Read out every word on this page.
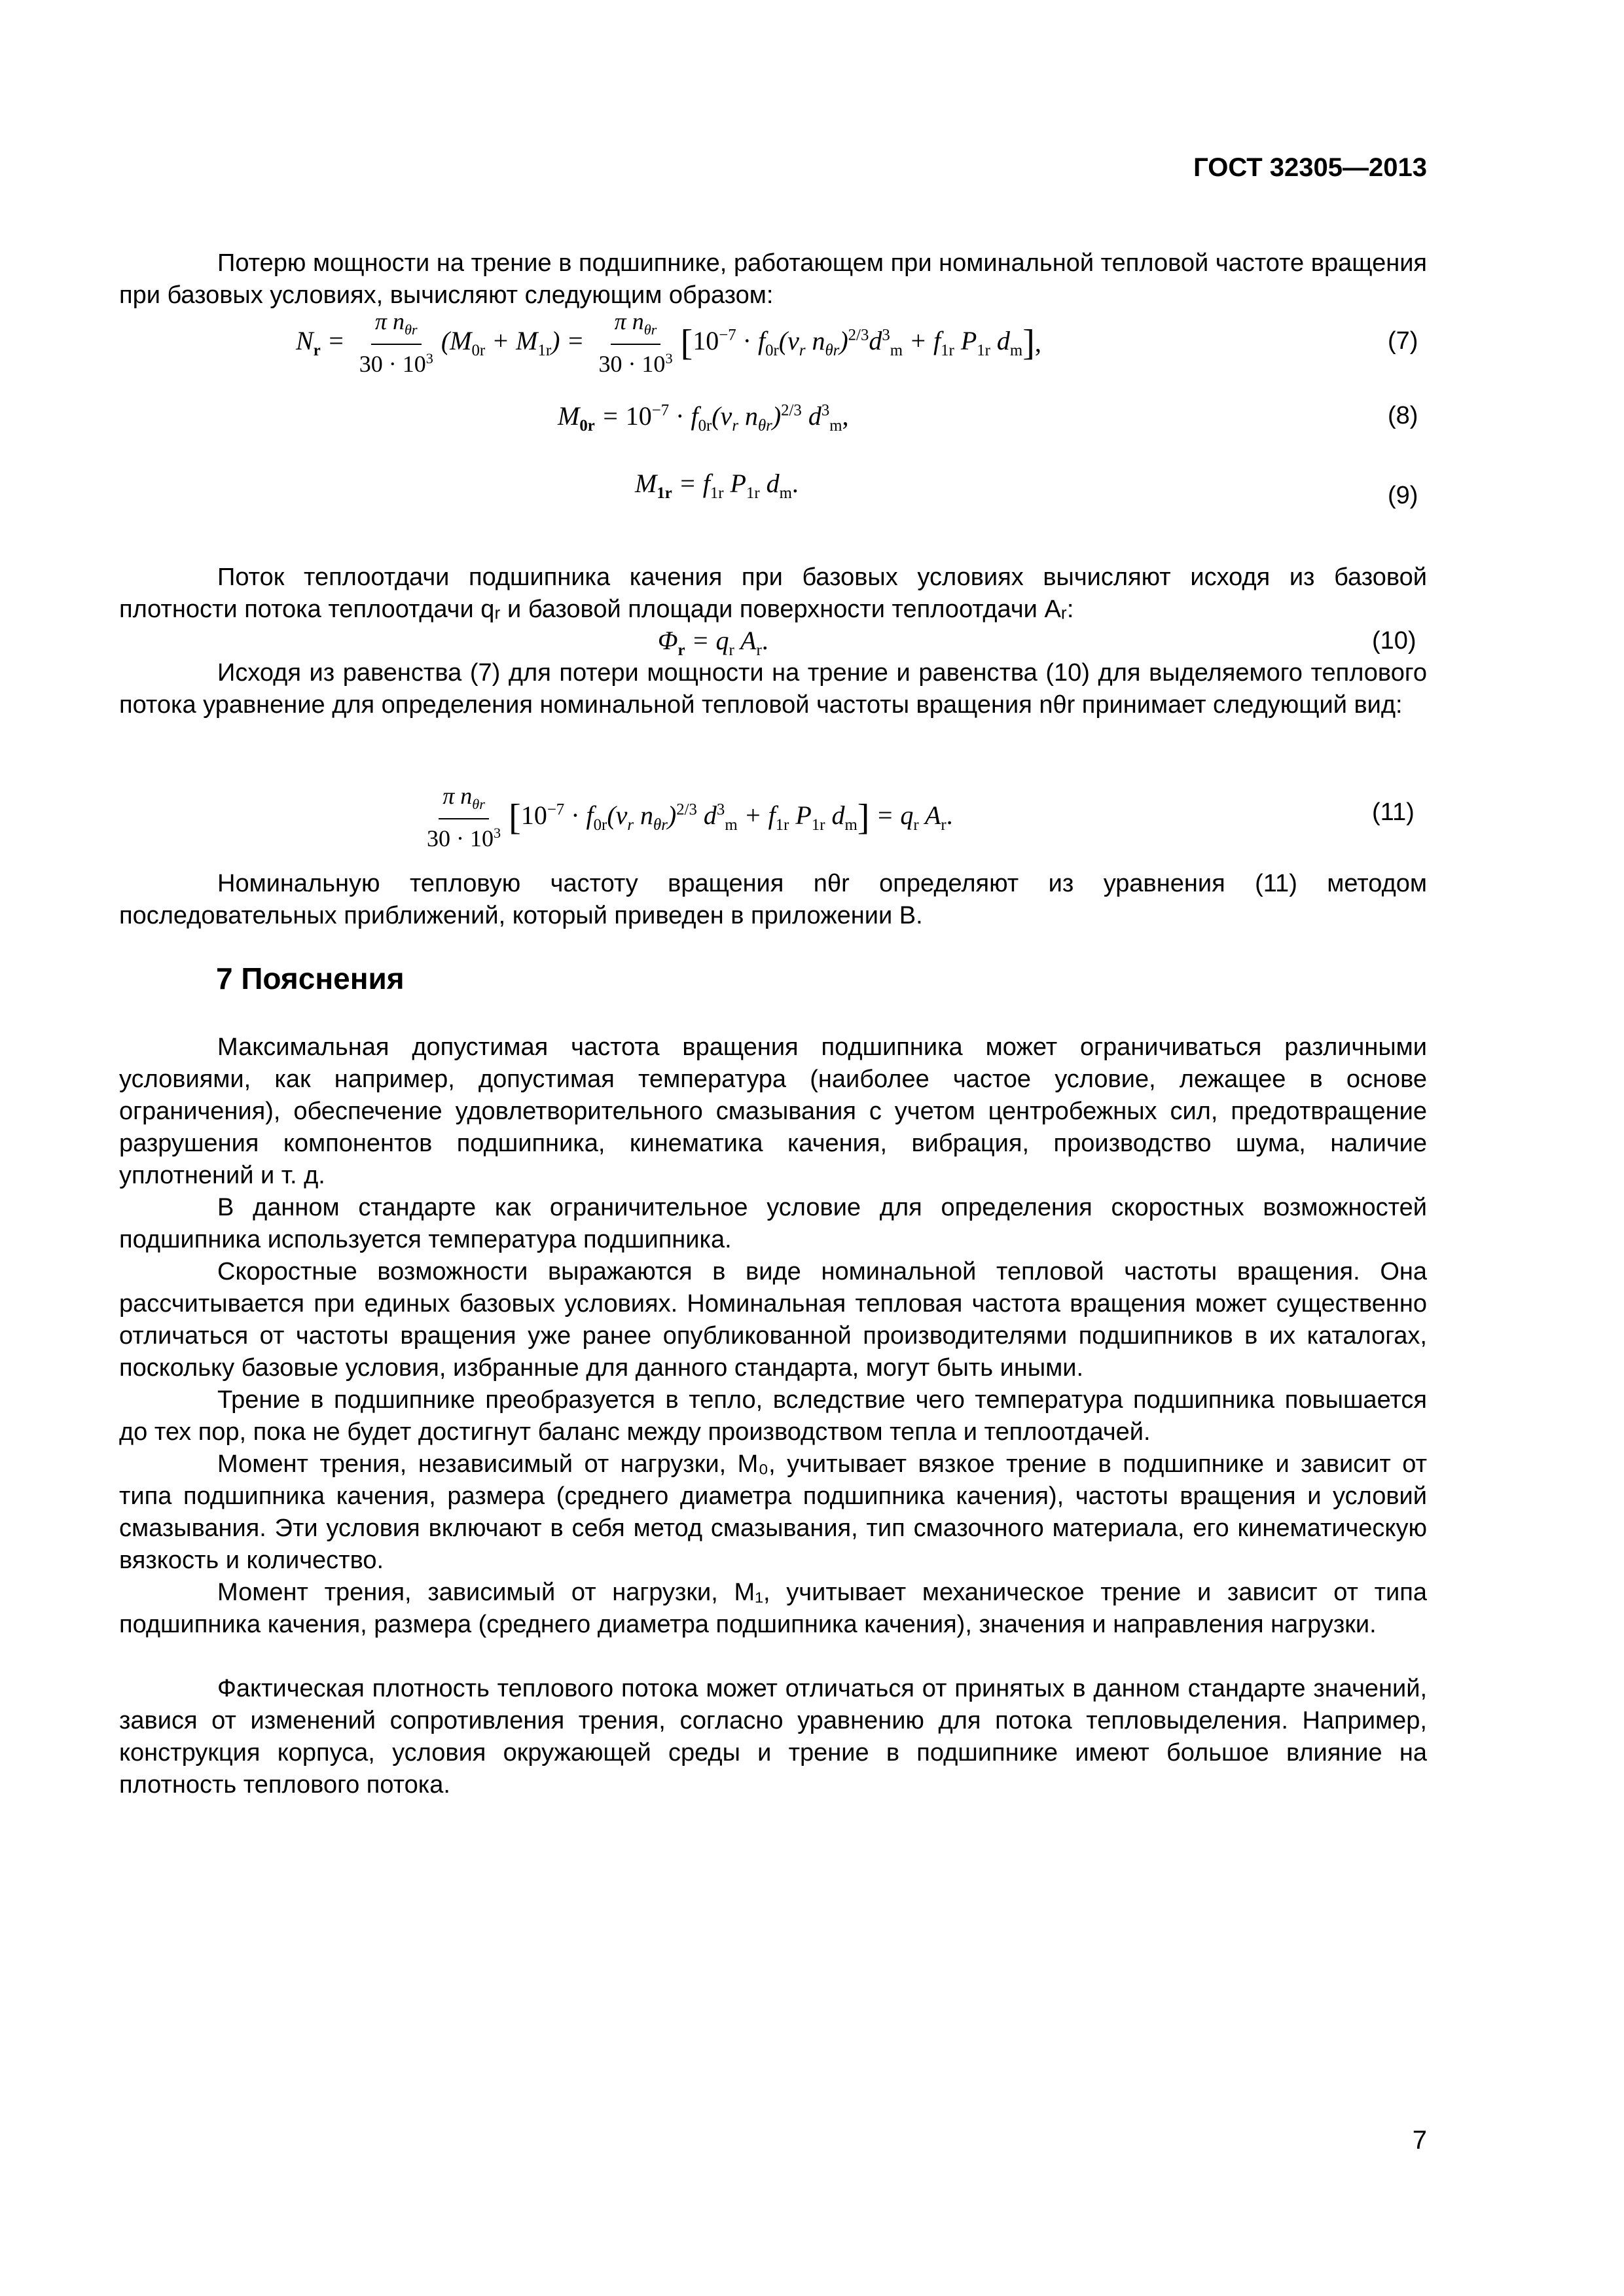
ГОСТ 32305—2013
Потерю мощности на трение в подшипнике, работающем при номинальной тепловой частоте вращения при базовых условиях, вычисляют следующим образом:
$N_r = \frac{\pi n_{\theta r}}{30 \cdot 10^3} (M_{0r} + M_{1r}) = \frac{\pi n_{\theta r}}{30 \cdot 10^3}$ [ $10^{-7} \cdot f_{0r}(\nu_r$ $n_{\theta r})^{2/3}d^3_m + f_{1r}$ $P_{1r}$ $d_m$ ] ,	(7)
$M_{0r} = 10^{-7} \cdot f_{0r}(\nu_r$ $n_{\theta r})^{2/3}$ $d^3_m$,	(8)
$M_{1r} = f_{1r}$ $P_{1r}$ $d_m$.	(9)
Поток теплоотдачи подшипника качения при базовых условиях вычисляют исходя из базовой плотности потока теплоотдачи qᵣ и базовой площади поверхности теплоотдачи Aᵣ:
$\Phi_r = q_r$ $A_r$.	(10)
Исходя из равенства (7) для потери мощности на трение и равенства (10) для выделяемого теплового потока уравнение для определения номинальной тепловой частоты вращения nθr принимает следующий вид:
$\frac{\pi n_{\theta r}}{30 \cdot 10^3}$ [ $10^{-7} \cdot f_{0r}(\nu_r$ $n_{\theta r})^{2/3}$ $d^3_m + f_{1r}$ $P_{1r}$ $d_m$ ] = $q_r$ $A_r$.	(11)
Номинальную тепловую частоту вращения nθr определяют из уравнения (11) методом последовательных приближений, который приведен в приложении В.
7 Пояснения
Максимальная допустимая частота вращения подшипника может ограничиваться различными условиями, как например, допустимая температура (наиболее частое условие, лежащее в основе ограничения), обеспечение удовлетворительного смазывания с учетом центробежных сил, предотвращение разрушения компонентов подшипника, кинематика качения, вибрация, производство шума, наличие уплотнений и т. д.
В данном стандарте как ограничительное условие для определения скоростных возможностей подшипника используется температура подшипника.
Скоростные возможности выражаются в виде номинальной тепловой частоты вращения. Она рассчитывается при единых базовых условиях. Номинальная тепловая частота вращения может существенно отличаться от частоты вращения уже ранее опубликованной производителями подшипников в их каталогах, поскольку базовые условия, избранные для данного стандарта, могут быть иными.
Трение в подшипнике преобразуется в тепло, вследствие чего температура подшипника повышается до тех пор, пока не будет достигнут баланс между производством тепла и теплоотдачей.
Момент трения, независимый от нагрузки, M₀, учитывает вязкое трение в подшипнике и зависит от типа подшипника качения, размера (среднего диаметра подшипника качения), частоты вращения и условий смазывания. Эти условия включают в себя метод смазывания, тип смазочного материала, его кинематическую вязкость и количество.
Момент трения, зависимый от нагрузки, M₁, учитывает механическое трение и зависит от типа подшипника качения, размера (среднего диаметра подшипника качения), значения и направления нагрузки.
Фактическая плотность теплового потока может отличаться от принятых в данном стандарте значений, завися от изменений сопротивления трения, согласно уравнению для потока тепловыделения. Например, конструкция корпуса, условия окружающей среды и трение в подшипнике имеют большое влияние на плотность теплового потока.
7
